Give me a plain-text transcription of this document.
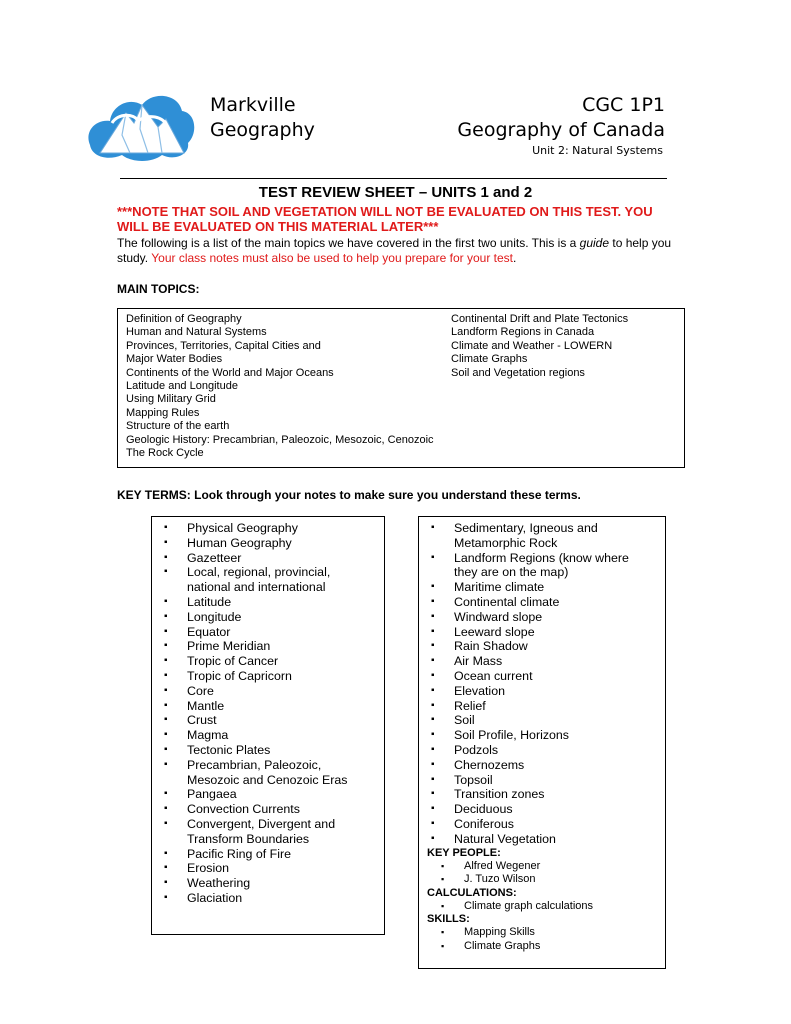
Markville
Geography
CGC 1P1
Geography of Canada
Unit 2: Natural Systems
TEST REVIEW SHEET – UNITS 1 and 2
***NOTE THAT SOIL AND VEGETATION WILL NOT BE EVALUATED ON THIS TEST. YOU WILL BE EVALUATED ON THIS MATERIAL LATER***
The following is a list of the main topics we have covered in the first two units. This is a guide to help you study. Your class notes must also be used to help you prepare for your test.
MAIN TOPICS:
Definition of Geography
Human and Natural Systems
Provinces, Territories, Capital Cities and
Major Water Bodies
Continents of the World and Major Oceans
Latitude and Longitude
Using Military Grid
Mapping Rules
Structure of the earth
Geologic History: Precambrian, Paleozoic, Mesozoic, Cenozoic
The Rock Cycle
Continental Drift and Plate Tectonics
Landform Regions in Canada
Climate and Weather - LOWERN
Climate Graphs
Soil and Vegetation regions
KEY TERMS: Look through your notes to make sure you understand these terms.
▪ Physical Geography
▪ Human Geography
▪ Gazetteer
▪ Local, regional, provincial, national and international
▪ Latitude
▪ Longitude
▪ Equator
▪ Prime Meridian
▪ Tropic of Cancer
▪ Tropic of Capricorn
▪ Core
▪ Mantle
▪ Crust
▪ Magma
▪ Tectonic Plates
▪ Precambrian, Paleozoic, Mesozoic and Cenozoic Eras
▪ Pangaea
▪ Convection Currents
▪ Convergent, Divergent and Transform Boundaries
▪ Pacific Ring of Fire
▪ Erosion
▪ Weathering
▪ Glaciation
▪ Sedimentary, Igneous and Metamorphic Rock
▪ Landform Regions (know where they are on the map)
▪ Maritime climate
▪ Continental climate
▪ Windward slope
▪ Leeward slope
▪ Rain Shadow
▪ Air Mass
▪ Ocean current
▪ Elevation
▪ Relief
▪ Soil
▪ Soil Profile, Horizons
▪ Podzols
▪ Chernozems
▪ Topsoil
▪ Transition zones
▪ Deciduous
▪ Coniferous
▪ Natural Vegetation
KEY PEOPLE:
▪ Alfred Wegener
▪ J. Tuzo Wilson
CALCULATIONS:
▪ Climate graph calculations
SKILLS:
▪ Mapping Skills
▪ Climate Graphs
